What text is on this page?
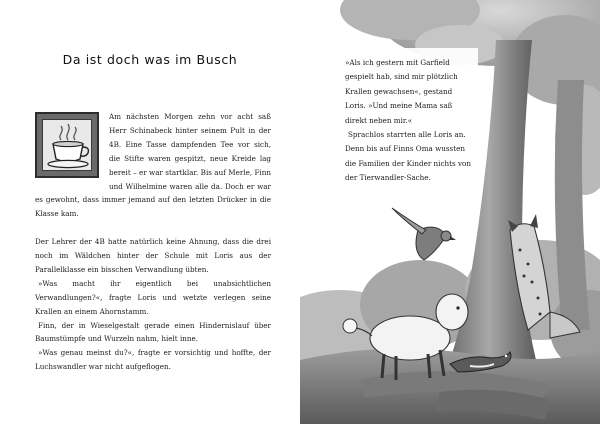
Da ist doch was im Busch

Am nächsten Morgen zehn vor acht saß Herr Schinabeck hinter seinem Pult in der 4B. Eine Tasse dampfenden Tee vor sich, die Stifte waren gespitzt, neue Kreide lag bereit – er war startklar. Bis auf Merle, Finn und Wilhelmine waren alle da. Doch er war es gewohnt, dass immer jemand auf den letzten Drücker in die Klasse kam.

Der Lehrer der 4B hatte natürlich keine Ahnung, dass die drei noch im Wäldchen hinter der Schule mit Loris aus der Parallelklasse ein bisschen Verwandlung übten.

»Was macht ihr eigentlich bei unabsichtlichen Verwandlungen?«, fragte Loris und wetzte verlegen seine Krallen an einem Ahornstamm.

Finn, der in Wieselgestalt gerade einen Hindernislauf über Baumstümpfe und Wurzeln nahm, hielt inne.

»Was genau meinst du?«, fragte er vorsichtig und hoffte, der Luchswandler war nicht aufgeflogen.

»Als ich gestern mit Garfield gespielt hab, sind mir plötzlich Krallen gewachsen«, gestand Loris. »Und meine Mama saß direkt neben mir.«

Sprachlos starrten alle Loris an. Denn bis auf Finns Oma wussten die Familien der Kinder nichts von der Tierwandler-Sache.
